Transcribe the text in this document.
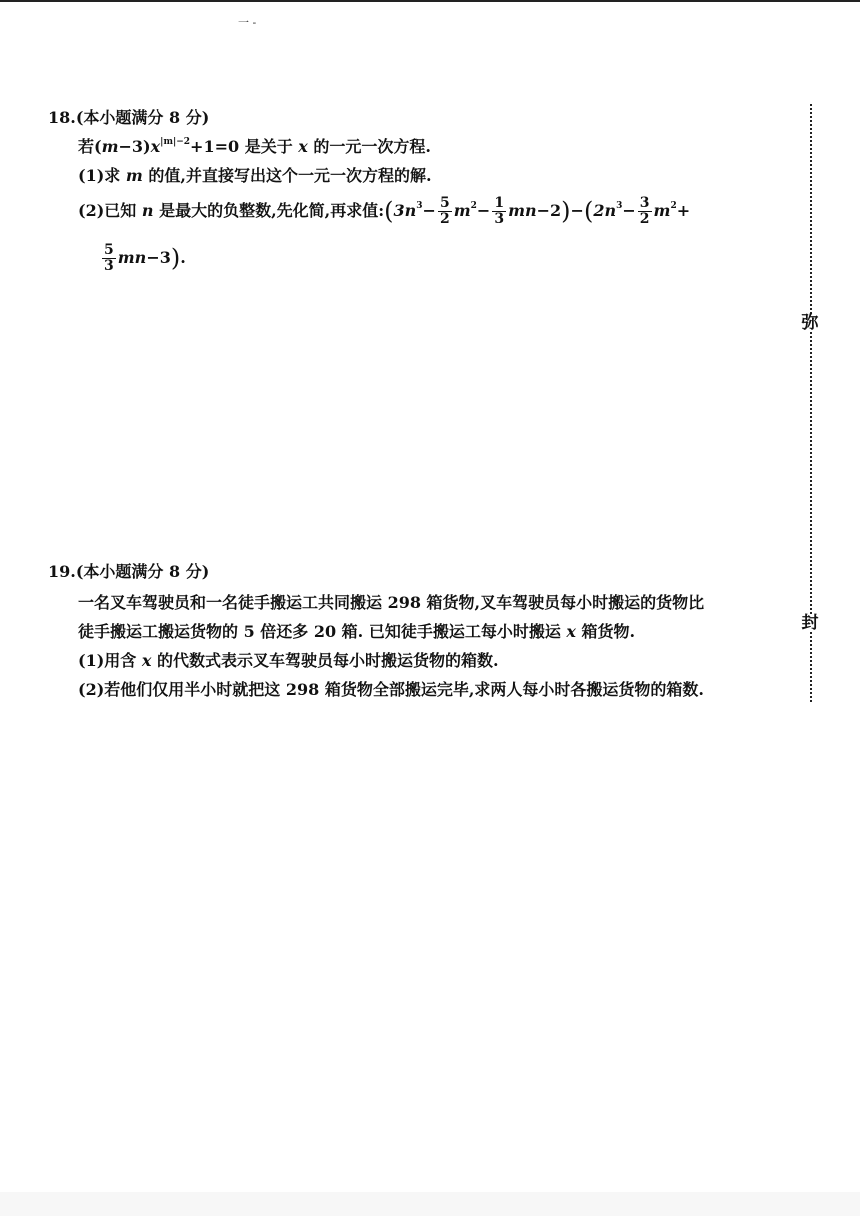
一 -
弥
封
18.(本小题满分 8 分)
若$(m-3)x^{|m|-2}+1=0$ 是关于 x 的一元一次方程.
(1)求 m 的值,并直接写出这个一元一次方程的解.
(2)已知 n 是最大的负整数,先化简,再求值$:(3n^3- \frac{5}{2} m^2- \frac{1}{3} mn-2)-(2n^3- \frac{3}{2} m^2+$
$\frac{5}{3} mn-3$).
19.(本小题满分 8 分)
一名叉车驾驶员和一名徒手搬运工共同搬运 298 箱货物,叉车驾驶员每小时搬运的货物比
徒手搬运工搬运货物的 5 倍还多 20 箱. 已知徒手搬运工每小时搬运 x 箱货物.
(1)用含 x 的代数式表示叉车驾驶员每小时搬运货物的箱数.
(2)若他们仅用半小时就把这 298 箱货物全部搬运完毕,求两人每小时各搬运货物的箱数.
